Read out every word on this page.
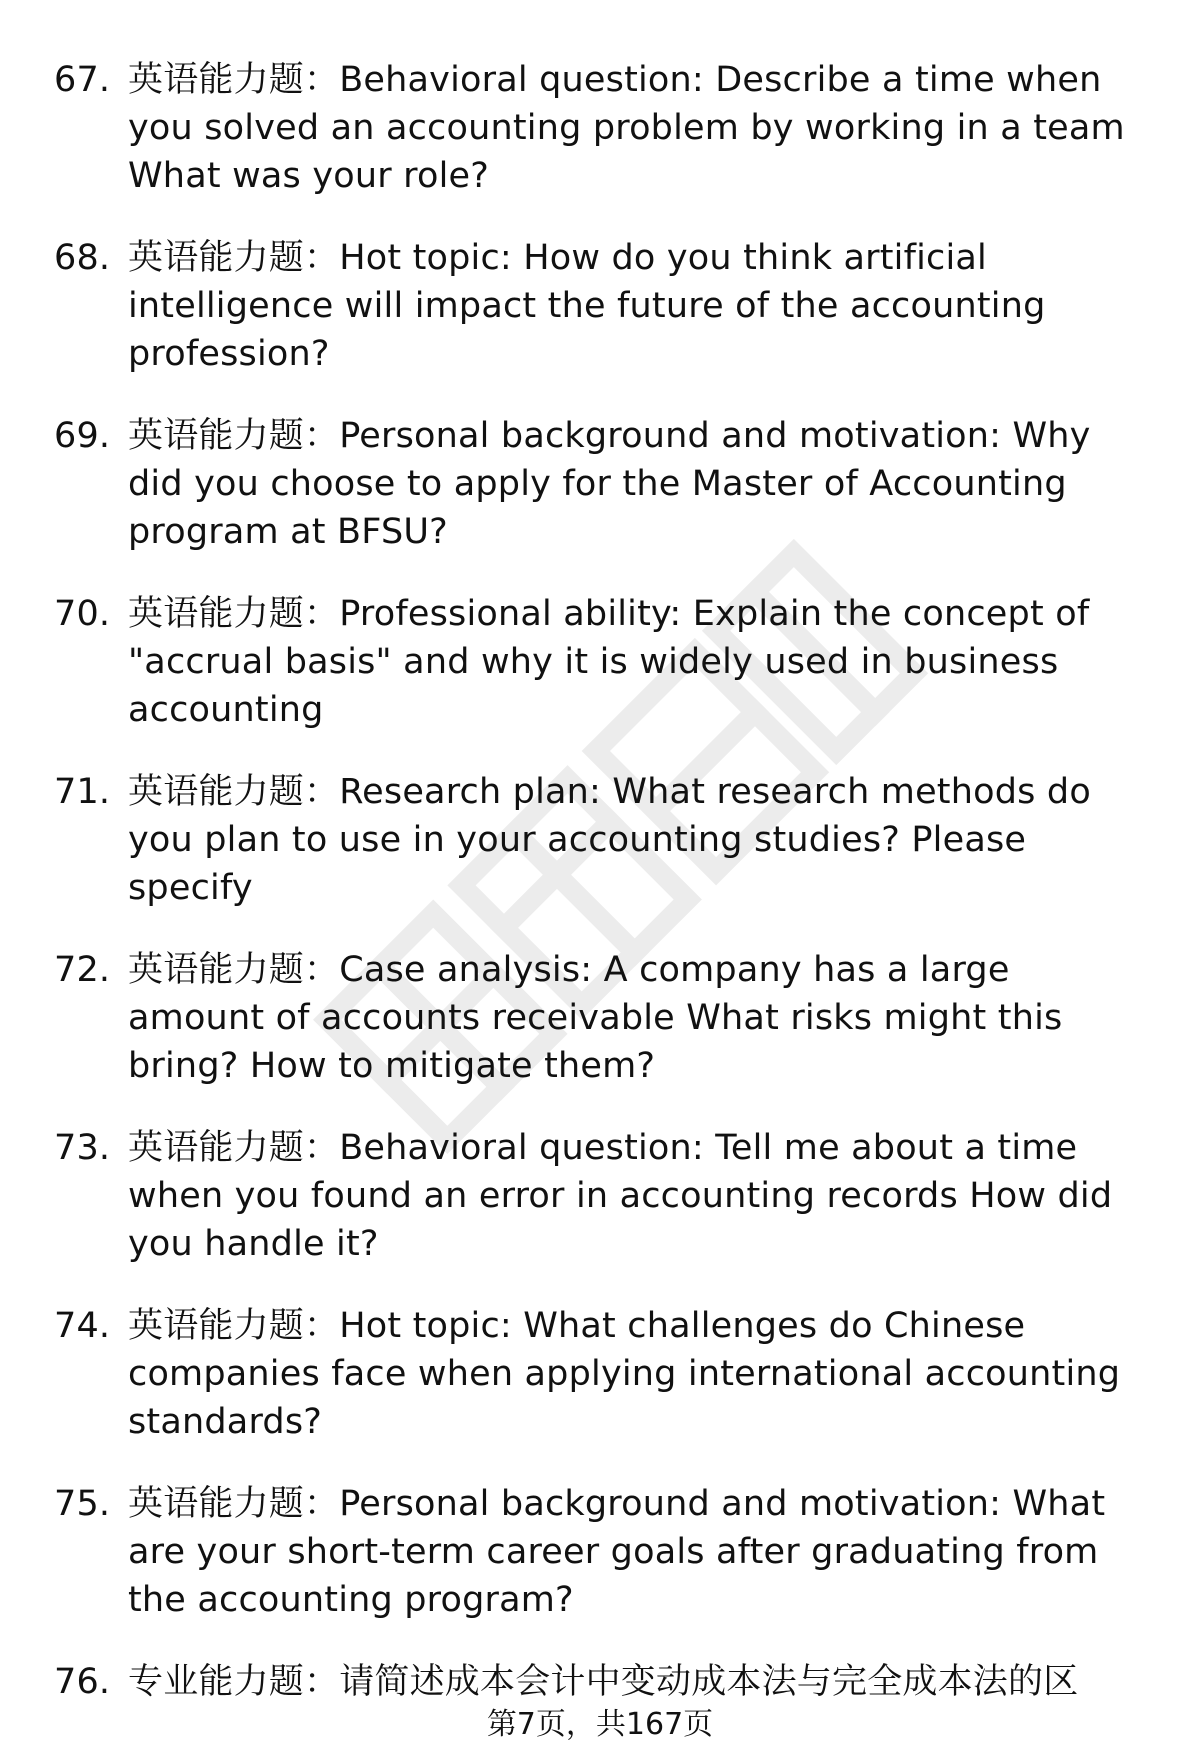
67. 英语能力题：Behavioral question: Describe a time when you solved an accounting problem by working in a team What was your role?
68. 英语能力题：Hot topic: How do you think artificial intelligence will impact the future of the accounting profession?
69. 英语能力题：Personal background and motivation: Why did you choose to apply for the Master of Accounting program at BFSU?
70. 英语能力题：Professional ability: Explain the concept of "accrual basis" and why it is widely used in business accounting
71. 英语能力题：Research plan: What research methods do you plan to use in your accounting studies? Please specify
72. 英语能力题：Case analysis: A company has a large amount of accounts receivable What risks might this bring? How to mitigate them?
73. 英语能力题：Behavioral question: Tell me about a time when you found an error in accounting records How did you handle it?
74. 英语能力题：Hot topic: What challenges do Chinese companies face when applying international accounting standards?
75. 英语能力题：Personal background and motivation: What are your short-term career goals after graduating from the accounting program?
76. 专业能力题：请简述成本会计中变动成本法与完全成本法的区
第7页，共167页
